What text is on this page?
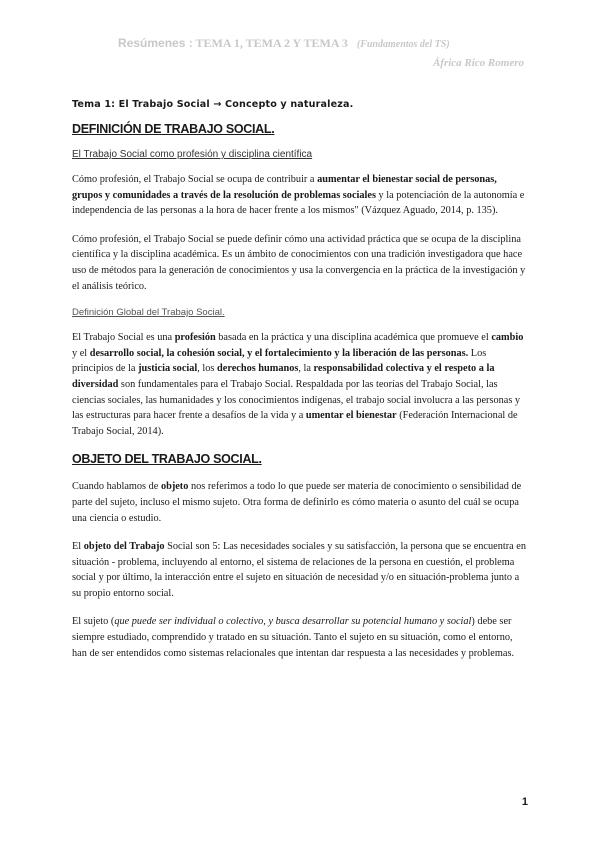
Resúmenes : TEMA 1, TEMA 2 Y TEMA 3 (Fundamentos del TS)
África Rico Romero
Tema 1: El Trabajo Social → Concepto y naturaleza.
DEFINICIÓN DE TRABAJO SOCIAL.
El Trabajo Social como profesión y disciplina científica

Cómo profesión, el Trabajo Social se ocupa de contribuir a aumentar el bienestar social de personas, grupos y comunidades a través de la resolución de problemas sociales y la potenciación de la autonomía e independencia de las personas a la hora de hacer frente a los mismos" (Vázquez Aguado, 2014, p. 135).

Cómo profesión, el Trabajo Social se puede definir cómo una actividad práctica que se ocupa de la disciplina científica y la disciplina académica. Es un ámbito de conocimientos con una tradición investigadora que hace uso de métodos para la generación de conocimientos y usa la convergencia en la práctica de la investigación y el análisis teórico.

Definición Global del Trabajo Social.

El Trabajo Social es una profesión basada en la práctica y una disciplina académica que promueve el cambio y el desarrollo social, la cohesión social, y el fortalecimiento y la liberación de las personas. Los principios de la justicia social, los derechos humanos, la responsabilidad colectiva y el respeto a la diversidad son fundamentales para el Trabajo Social. Respaldada por las teorías del Trabajo Social, las ciencias sociales, las humanidades y los conocimientos indígenas, el trabajo social involucra a las personas y las estructuras para hacer frente a desafíos de la vida y a umentar el bienestar (Federación Internacional de Trabajo Social, 2014).

OBJETO DEL TRABAJO SOCIAL.

Cuando hablamos de objeto nos referimos a todo lo que puede ser materia de conocimiento o sensibilidad de parte del sujeto, incluso el mismo sujeto. Otra forma de definirlo es cómo materia o asunto del cuál se ocupa una ciencia o estudio.

El objeto del Trabajo Social son 5: Las necesidades sociales y su satisfacción, la persona que se encuentra en situación - problema, incluyendo al entorno, el sistema de relaciones de la persona en cuestión, el problema social y por último, la interacción entre el sujeto en situación de necesidad y/o en situación-problema junto a su propio entorno social.

El sujeto (que puede ser individual o colectivo, y busca desarrollar su potencial humano y social) debe ser siempre estudiado, comprendido y tratado en su situación. Tanto el sujeto en su situación, como el entorno, han de ser entendidos como sistemas relacionales que intentan dar respuesta a las necesidades y problemas.

1
